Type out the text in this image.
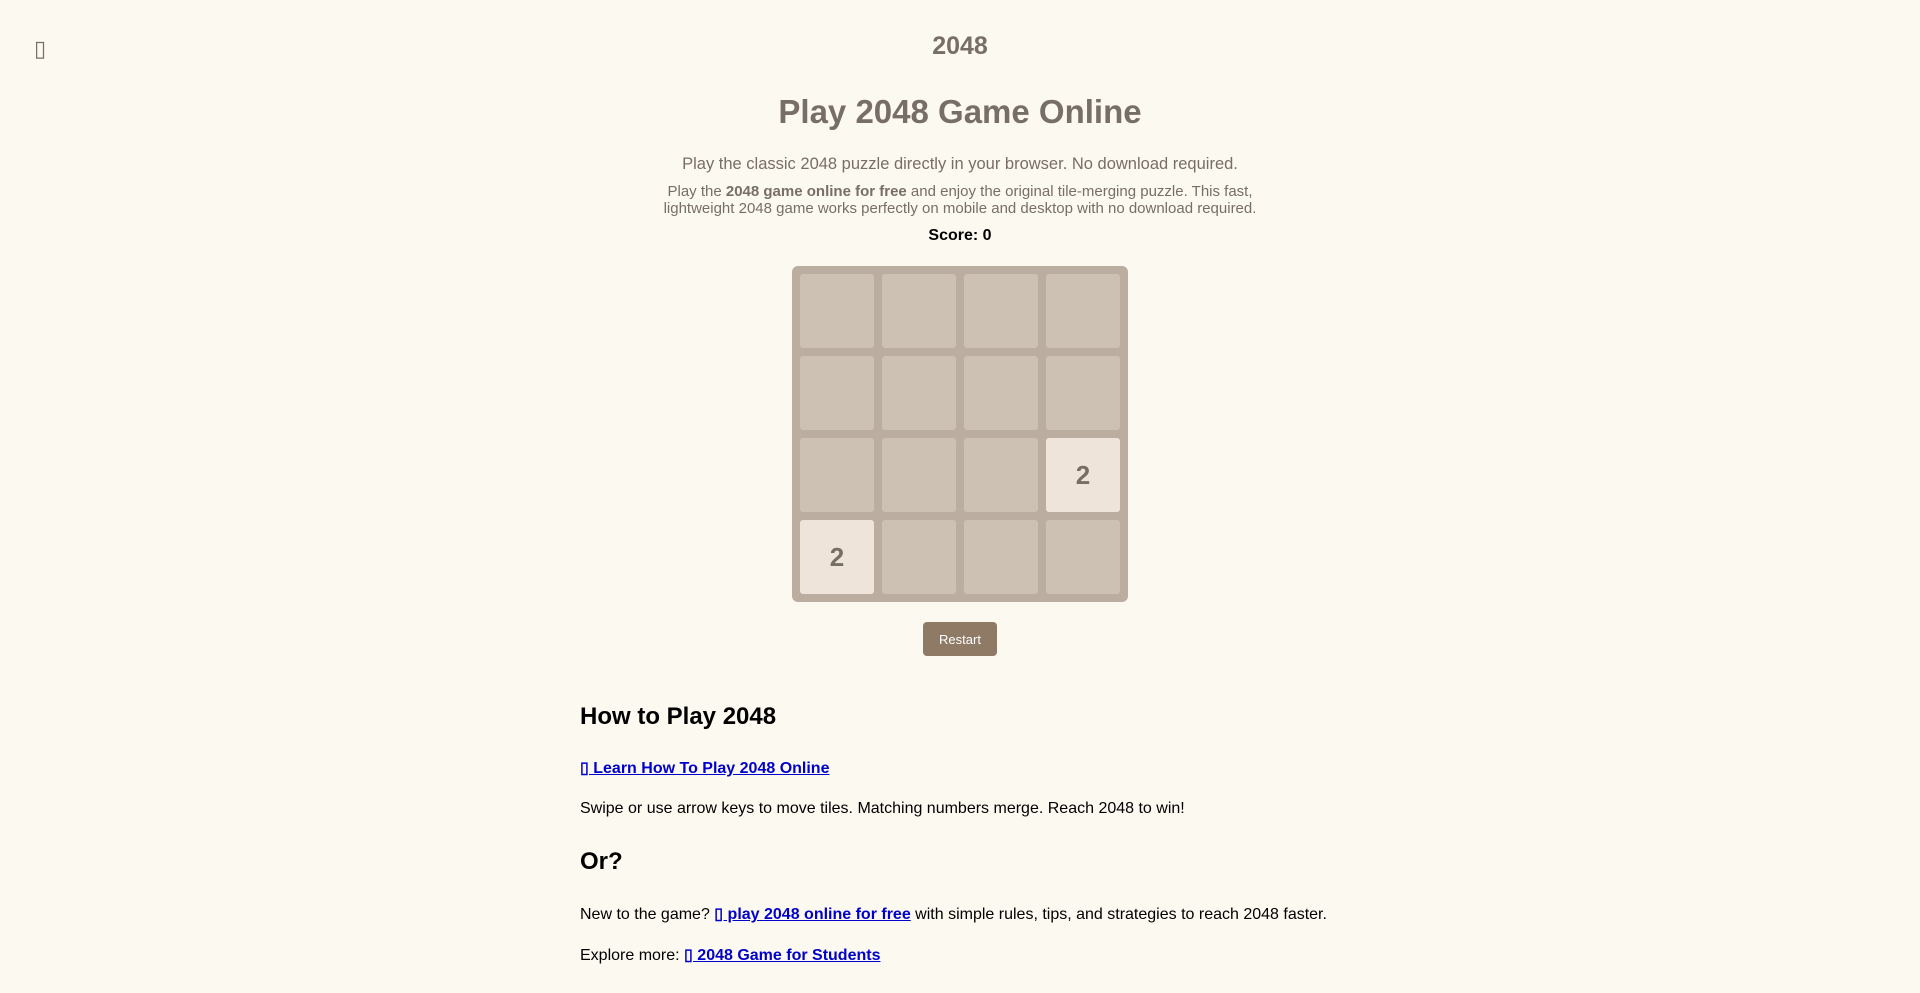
▯	2048
Play 2048 Game Online
Play the classic 2048 puzzle directly in your browser. No download required.
Play the 2048 game online for free and enjoy the original tile-merging puzzle. This fast, lightweight 2048 game works perfectly on mobile and desktop with no download required.
Score: 0
2
2
Restart
How to Play 2048

▯ Learn How To Play 2048 Online

Swipe or use arrow keys to move tiles. Matching numbers merge. Reach 2048 to win!

Or?

New to the game? ▯ play 2048 online for free with simple rules, tips, and strategies to reach 2048 faster.

Explore more: ▯ 2048 Game for Students
